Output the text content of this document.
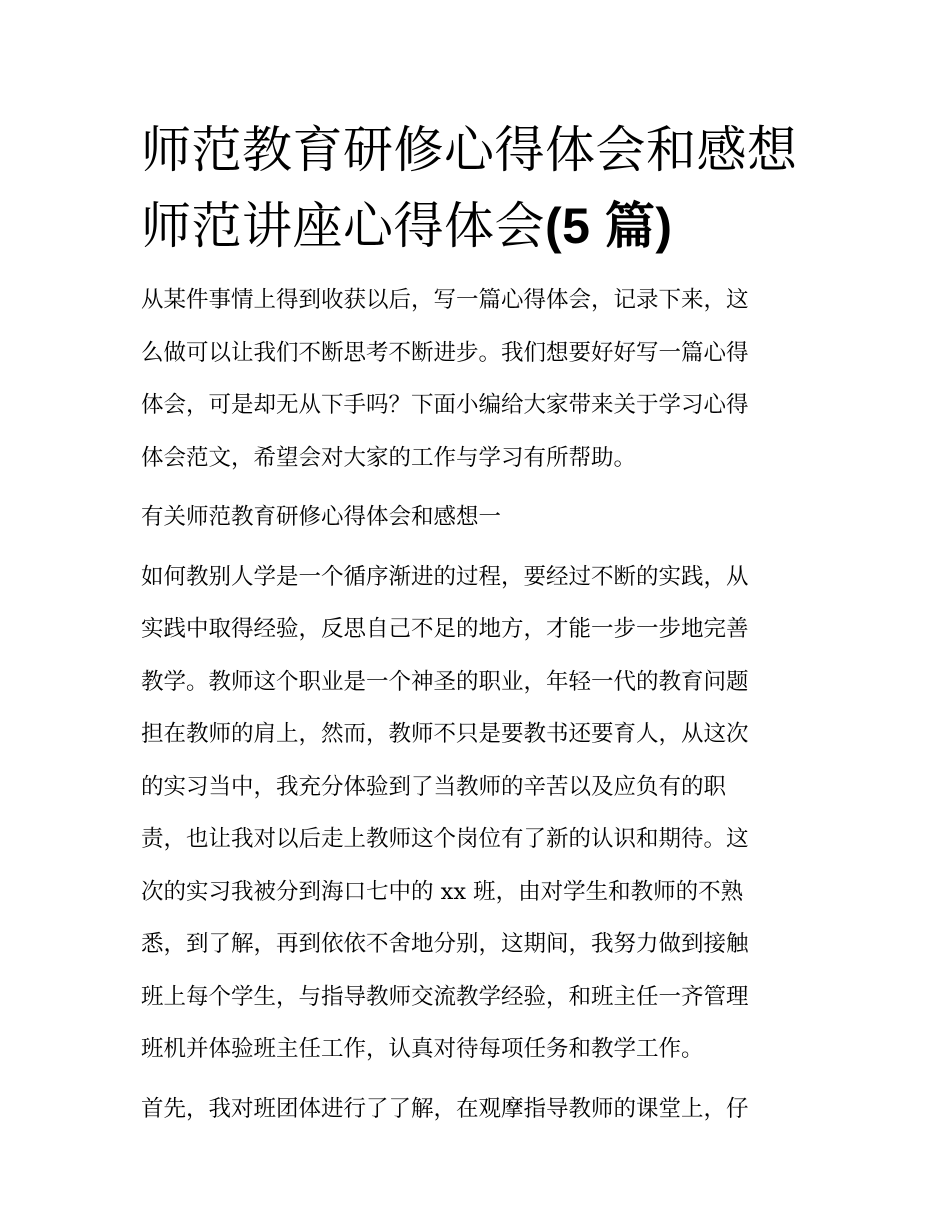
师范教育研修心得体会和感想
师范讲座心得体会(5 篇)

从某件事情上得到收获以后，写一篇心得体会，记录下来，这
么做可以让我们不断思考不断进步。我们想要好好写一篇心得
体会，可是却无从下手吗？下面小编给大家带来关于学习心得
体会范文，希望会对大家的工作与学习有所帮助。

有关师范教育研修心得体会和感想一

如何教别人学是一个循序渐进的过程，要经过不断的实践，从
实践中取得经验，反思自己不足的地方，才能一步一步地完善
教学。教师这个职业是一个神圣的职业，年轻一代的教育问题
担在教师的肩上，然而，教师不只是要教书还要育人，从这次
的实习当中，我充分体验到了当教师的辛苦以及应负有的职
责，也让我对以后走上教师这个岗位有了新的认识和期待。这
次的实习我被分到海口七中的 xx 班，由对学生和教师的不熟
悉，到了解，再到依依不舍地分别，这期间，我努力做到接触
班上每个学生，与指导教师交流教学经验，和班主任一齐管理
班机并体验班主任工作，认真对待每项任务和教学工作。

首先，我对班团体进行了了解，在观摩指导教师的课堂上，仔
